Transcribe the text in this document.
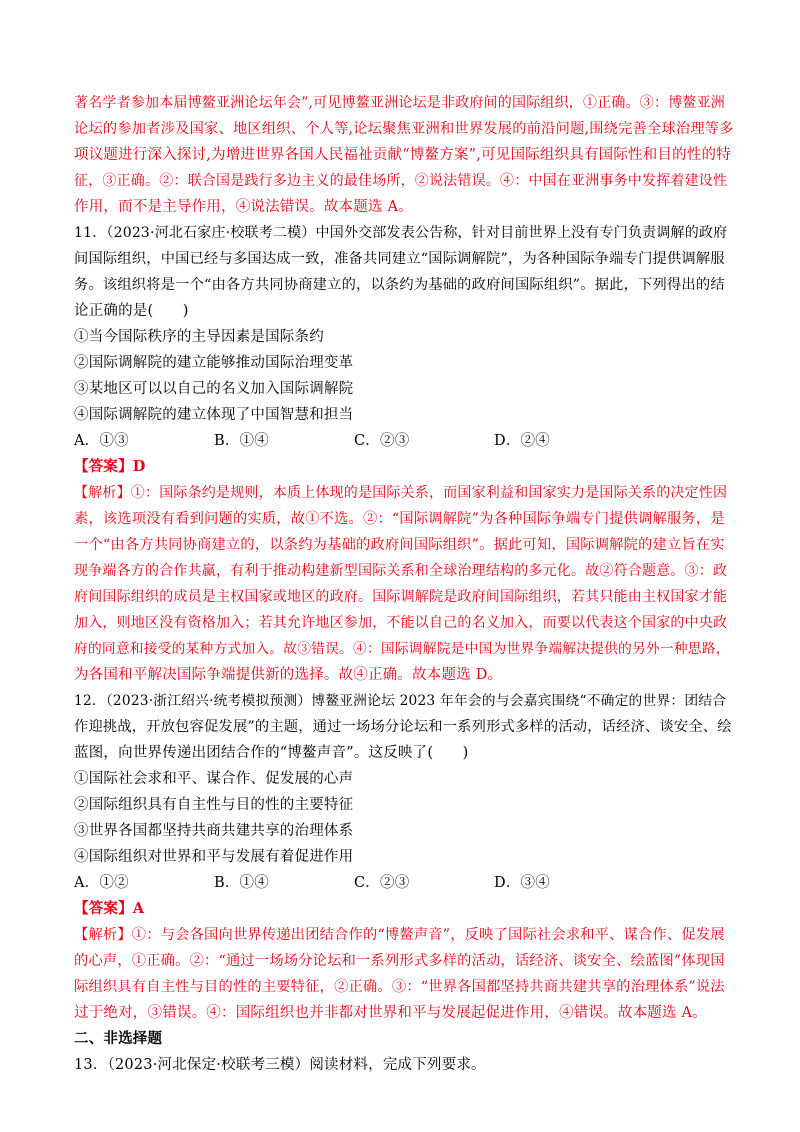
著名学者参加本届博鳌亚洲论坛年会”,可见博鳌亚洲论坛是非政府间的国际组织，①正确。③：博鳌亚洲

论坛的参加者涉及国家、地区组织、个人等,论坛聚焦亚洲和世界发展的前沿问题,围绕完善全球治理等多

项议题进行深入探讨,为增进世界各国人民福祉贡献“博鳌方案”,可见国际组织具有国际性和目的性的特

征，③正确。②：联合国是践行多边主义的最佳场所，②说法错误。④：中国在亚洲事务中发挥着建设性

作用，而不是主导作用，④说法错误。故本题选 A。

11．（2023·河北石家庄·校联考二模）中国外交部发表公告称，针对目前世界上没有专门负责调解的政府

间国际组织，中国已经与多国达成一致，准备共同建立“国际调解院”，为各种国际争端专门提供调解服

务。该组织将是一个“由各方共同协商建立的，以条约为基础的政府间国际组织”。据此，下列得出的结

论正确的是(　　)

①当今国际秩序的主导因素是国际条约

②国际调解院的建立能够推动国际治理变革

③某地区可以以自己的名义加入国际调解院

④国际调解院的建立体现了中国智慧和担当

A．①③	B．①④	C．②③	D．②④

【答案】D

【解析】①：国际条约是规则，本质上体现的是国际关系，而国家利益和国家实力是国际关系的决定性因

素，该选项没有看到问题的实质，故①不选。②：“国际调解院”为各种国际争端专门提供调解服务，是

一个“由各方共同协商建立的，以条约为基础的政府间国际组织”。据此可知，国际调解院的建立旨在实

现争端各方的合作共赢，有利于推动构建新型国际关系和全球治理结构的多元化。故②符合题意。③：政

府间国际组织的成员是主权国家或地区的政府。国际调解院是政府间国际组织，若其只能由主权国家才能

加入，则地区没有资格加入；若其允许地区参加，不能以自己的名义加入，而要以代表这个国家的中央政

府的同意和接受的某种方式加入。故③错误。④：国际调解院是中国为世界争端解决提供的另外一种思路，

为各国和平解决国际争端提供新的选择。故④正确。故本题选 D。

12．（2023·浙江绍兴·统考模拟预测）博鳌亚洲论坛 2023 年年会的与会嘉宾围绕“不确定的世界：团结合

作迎挑战，开放包容促发展”的主题，通过一场场分论坛和一系列形式多样的活动，话经济、谈安全、绘

蓝图，向世界传递出团结合作的“博鳌声音”。这反映了(　　)

①国际社会求和平、谋合作、促发展的心声

②国际组织具有自主性与目的性的主要特征

③世界各国都坚持共商共建共享的治理体系

④国际组织对世界和平与发展有着促进作用

A．①②	B．①④	C．②③	D．③④

【答案】A

【解析】①：与会各国向世界传递出团结合作的“博鳌声音”，反映了国际社会求和平、谋合作、促发展

的心声，①正确。②：“通过一场场分论坛和一系列形式多样的活动，话经济、谈安全、绘蓝图”体现国

际组织具有自主性与目的性的主要特征，②正确。③：“世界各国都坚持共商共建共享的治理体系”说法

过于绝对，③错误。④：国际组织也并非都对世界和平与发展起促进作用，④错误。故本题选 A。

二、非选择题

13．（2023·河北保定·校联考三模）阅读材料，完成下列要求。
